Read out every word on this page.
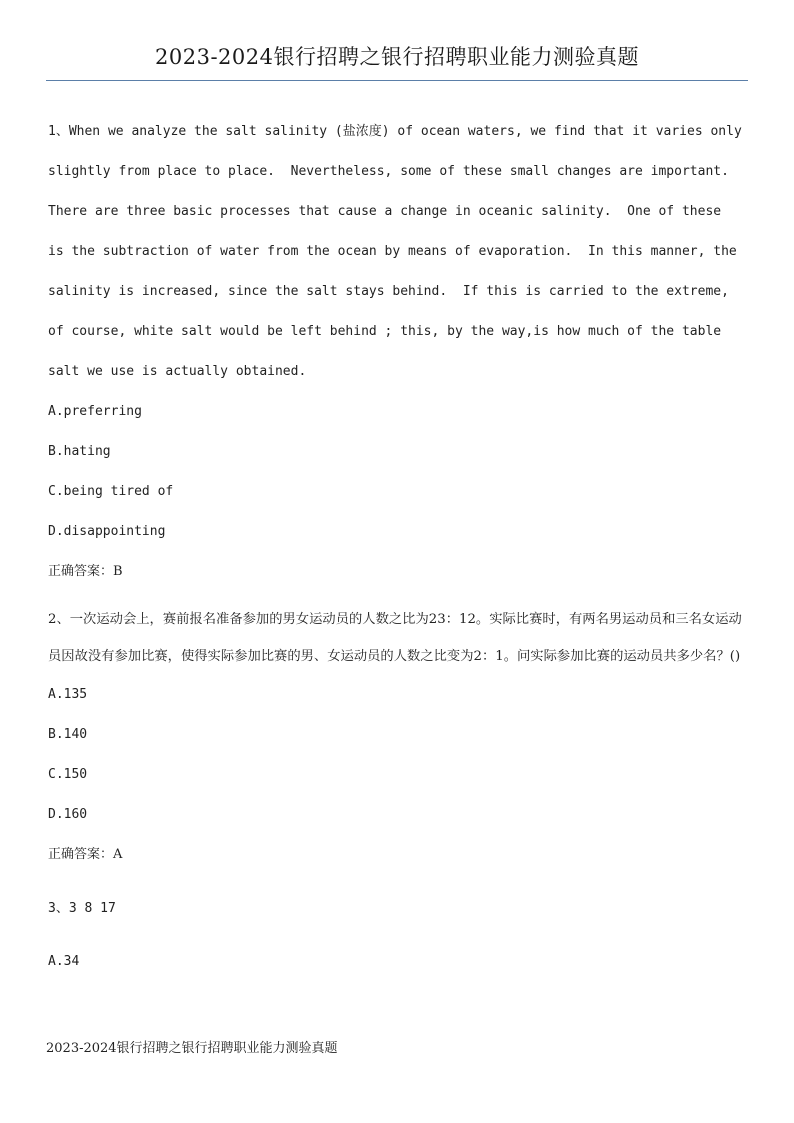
2023-2024银行招聘之银行招聘职业能力测验真题

1、When we analyze the salt salinity (盐浓度) of ocean waters, we find that it varies only slightly from place to place.  Nevertheless, some of these small changes are important.  There are three basic processes that cause a change in oceanic salinity.  One of these is the subtraction of water from the ocean by means of evaporation.  In this manner, the salinity is increased, since the salt stays behind.  If this is carried to the extreme, of course, white salt would be left behind ; this, by the way,is how much of the table salt we use is actually obtained.

A.preferring

B.hating

C.being tired of

D.disappointing

正确答案：B

2、一次运动会上，赛前报名准备参加的男女运动员的人数之比为23：12。实际比赛时，有两名男运动员和三名女运动员因故没有参加比赛，使得实际参加比赛的男、女运动员的人数之比变为2：1。问实际参加比赛的运动员共多少名？()

A.135

B.140

C.150

D.160

正确答案：A

3、3 8 17

A.34

2023-2024银行招聘之银行招聘职业能力测验真题
